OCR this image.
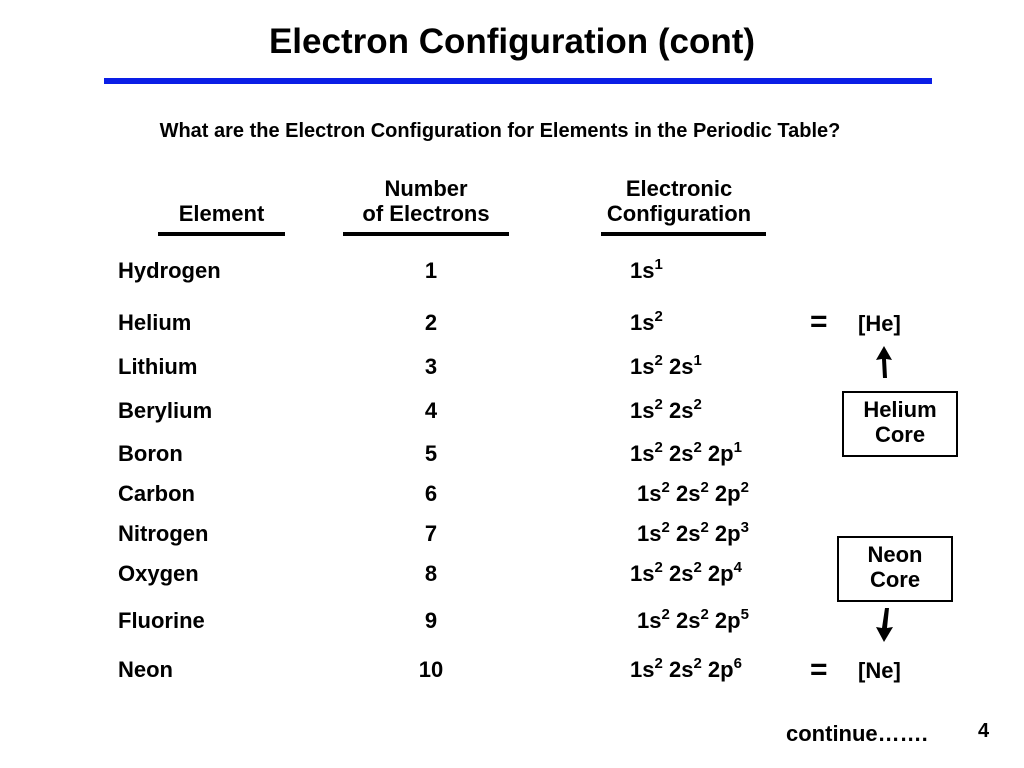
Electron Configuration (cont)
What are the Electron Configuration for Elements in the Periodic Table?
Element
Number
of Electrons
Electronic
Configuration
Hydrogen	1	$1s^1$
Helium	2	$1s^2$
Lithium	3	$1s^2$ $2s^1$
Berylium	4	$1s^2$ $2s^2$
Boron	5	$1s^2$ $2s^2$ $2p^1$
Carbon	6	$1s^2$ $2s^2$ $2p^2$
Nitrogen	7	$1s^2$ $2s^2$ $2p^3$
Oxygen	8	$1s^2$ $2s^2$ $2p^4$
Fluorine	9	$1s^2$ $2s^2$ $2p^5$
Neon	10	$1s^2$ $2s^2$ $2p^6$
= [He]
Helium
Core
Neon
Core
= [Ne]
continue…….	4
